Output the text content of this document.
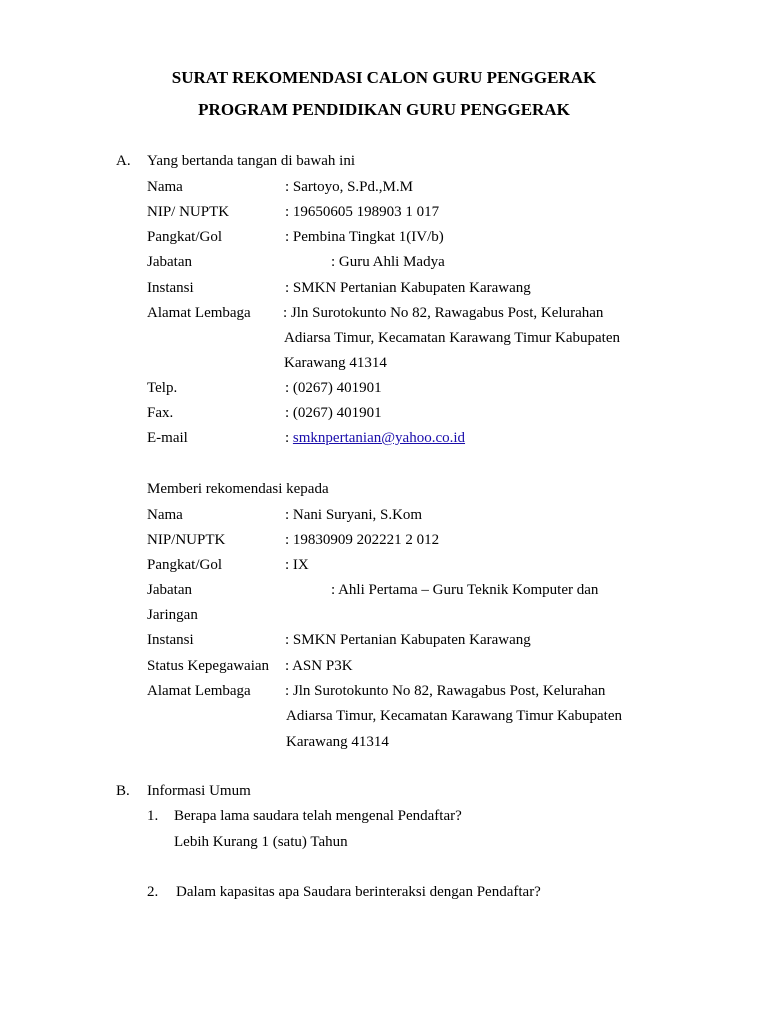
SURAT REKOMENDASI CALON GURU PENGGERAK
PROGRAM PENDIDIKAN GURU PENGGERAK
A. Yang bertanda tangan di bawah ini
Nama	: Sartoyo, S.Pd.,M.M
NIP/ NUPTK	: 19650605 198903 1 017
Pangkat/Gol	: Pembina Tingkat 1(IV/b)
Jabatan	: Guru Ahli Madya
Instansi	: SMKN Pertanian Kabupaten Karawang
Alamat Lembaga : Jln Surotokunto No 82, Rawagabus Post, Kelurahan
Adiarsa Timur, Kecamatan Karawang Timur Kabupaten
Karawang 41314
Telp.	: (0267) 401901
Fax.	: (0267) 401901
E-mail	: smknpertanian@yahoo.co.id
Memberi rekomendasi kepada
Nama	: Nani Suryani, S.Kom
NIP/NUPTK	: 19830909 202221 2 012
Pangkat/Gol	: IX
Jabatan	: Ahli Pertama – Guru Teknik Komputer dan
Jaringan
Instansi	: SMKN Pertanian Kabupaten Karawang
Status Kepegawaian : ASN P3K
Alamat Lembaga : Jln Surotokunto No 82, Rawagabus Post, Kelurahan
Adiarsa Timur, Kecamatan Karawang Timur Kabupaten
Karawang 41314
B. Informasi Umum
1. Berapa lama saudara telah mengenal Pendaftar?
Lebih Kurang 1 (satu) Tahun
2. Dalam kapasitas apa Saudara berinteraksi dengan Pendaftar?
